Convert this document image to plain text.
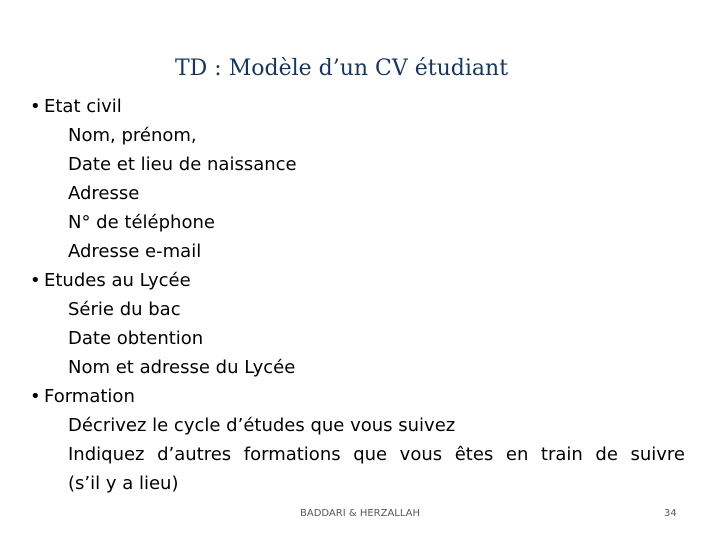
TD : Modèle d’un CV étudiant
• Etat civil
Nom, prénom,
Date et lieu de naissance
Adresse
N° de téléphone
Adresse e-mail
• Etudes au Lycée
Série du bac
Date obtention
Nom et adresse du Lycée
• Formation
Décrivez le cycle d’études que vous suivez
Indiquez d’autres formations que vous êtes en train de suivre
(s’il y a lieu)
BADDARI & HERZALLAH	34
